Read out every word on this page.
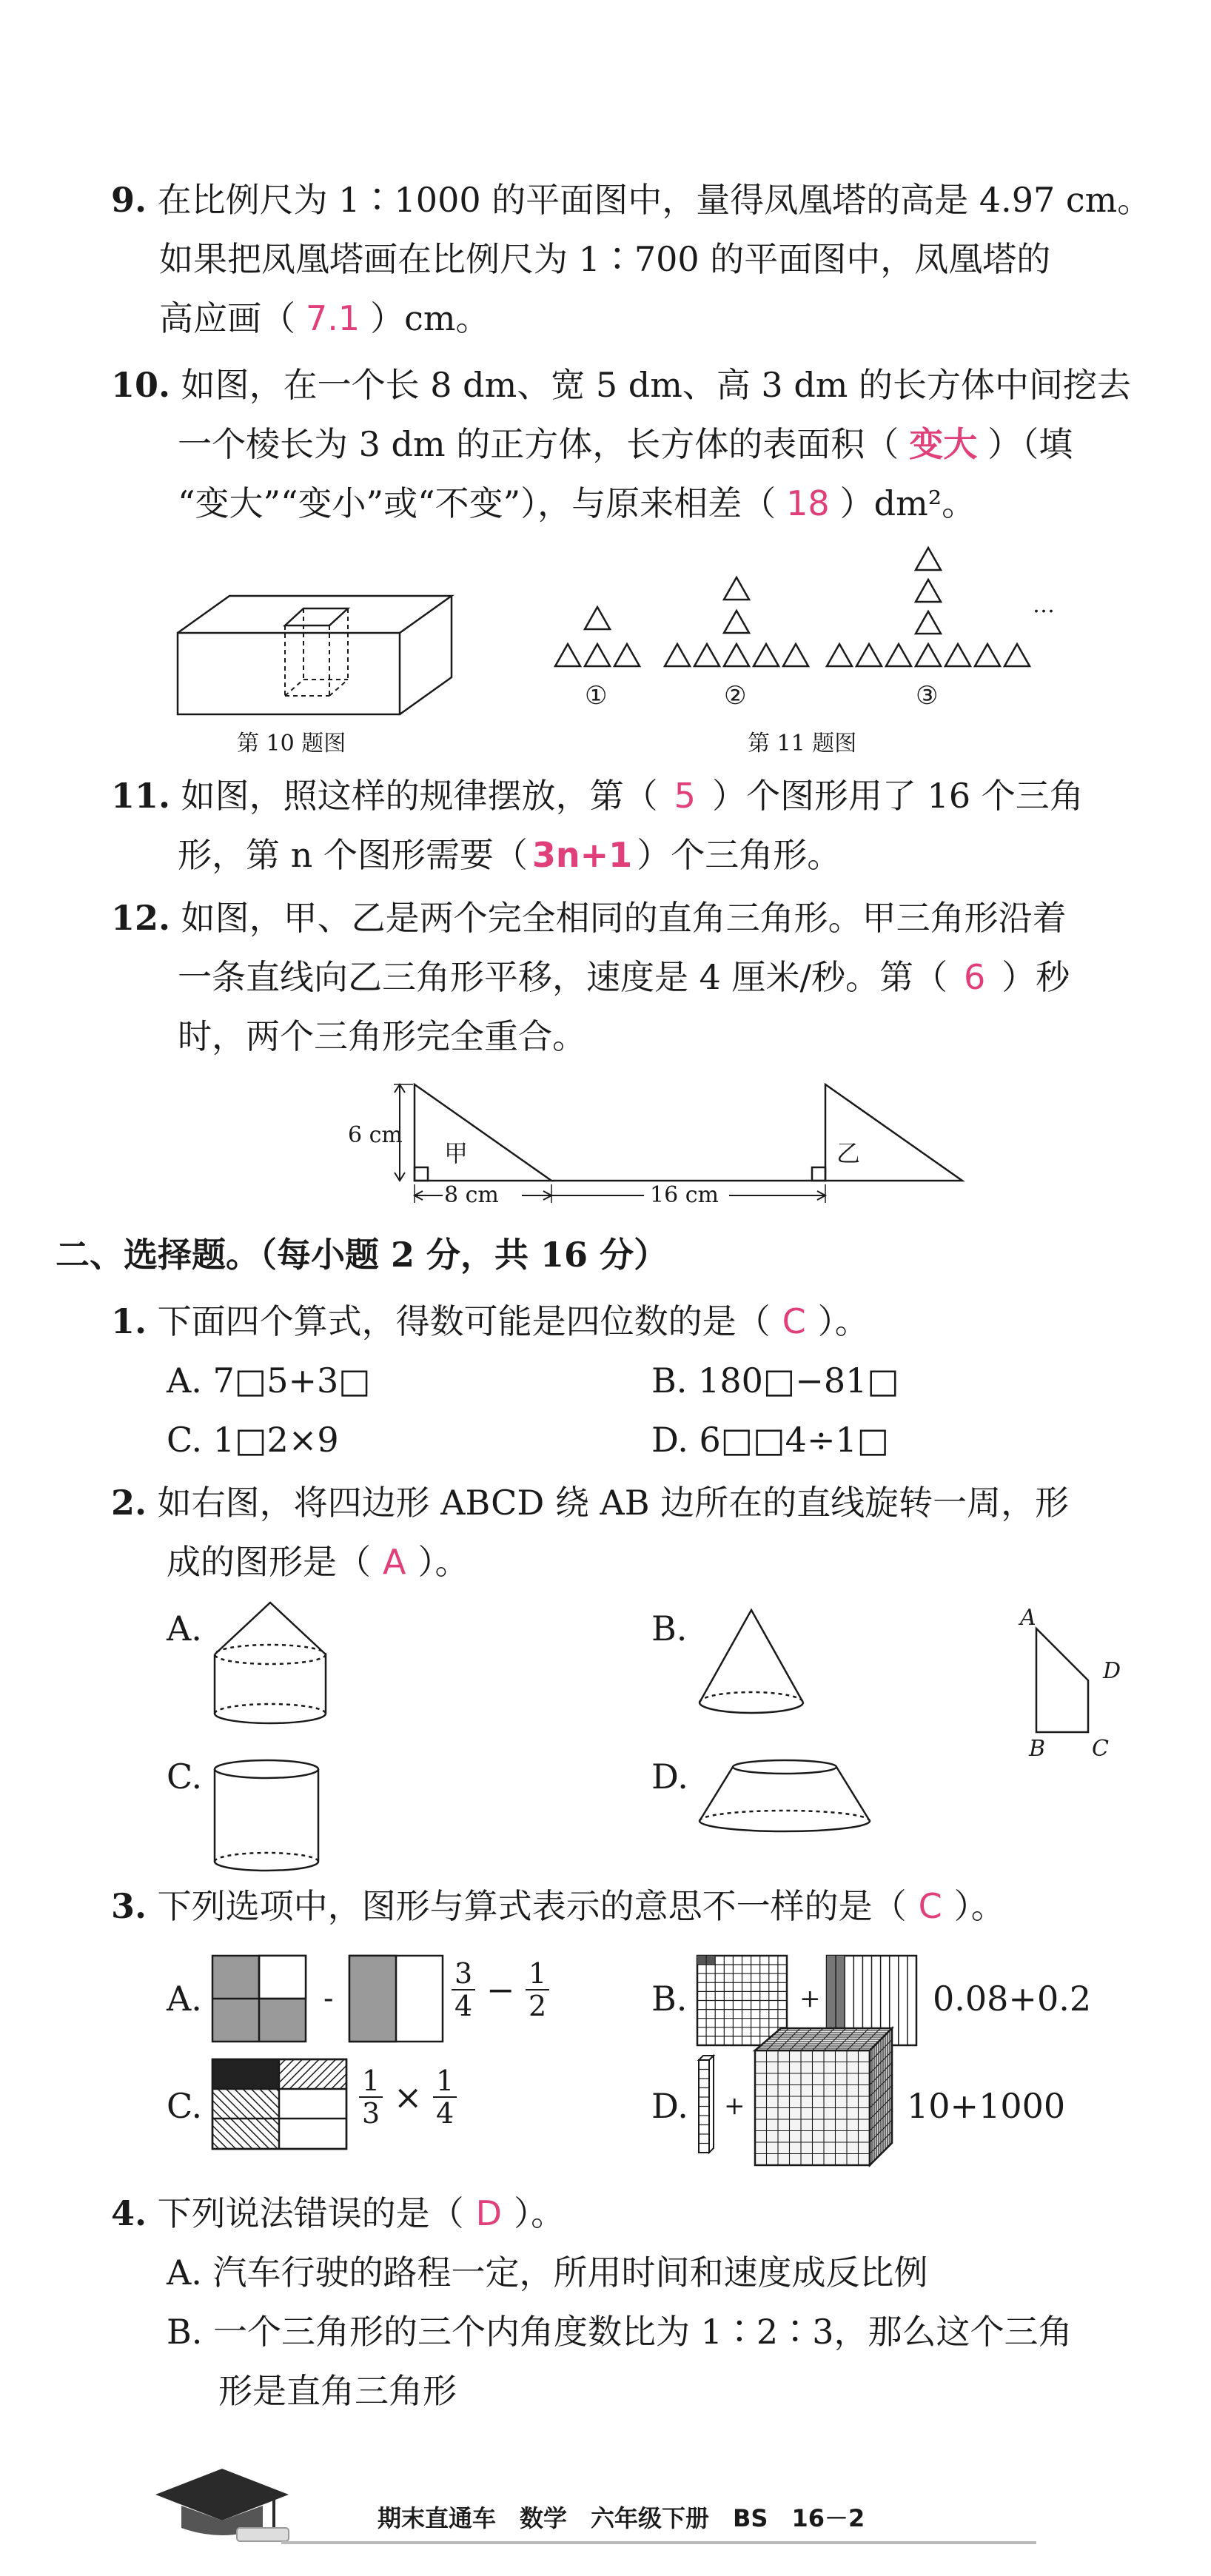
9. 在比例尺为 1∶1000 的平面图中，量得凤凰塔的高是 4.97 cm。
如果把凤凰塔画在比例尺为 1∶700 的平面图中，凤凰塔的
高应画（ 7.1 ）cm。
10. 如图，在一个长 8 dm、宽 5 dm、高 3 dm 的长方体中间挖去
一个棱长为 3 dm 的正方体，长方体的表面积（ 变大 ）（填
“变大”“变小”或“不变”），与原来相差（ 18 ）dm²。
第 10 题图
①	②	③
…
第 11 题图
11. 如图，照这样的规律摆放，第（ 5 ）个图形用了 16 个三角
形，第 n 个图形需要（ 3n+1 ）个三角形。
12. 如图，甲、乙是两个完全相同的直角三角形。甲三角形沿着
一条直线向乙三角形平移，速度是 4 厘米/秒。第（ 6 ）秒
时，两个三角形完全重合。
6 cm
8 cm	16 cm
甲	乙
二、选择题。（每小题 2 分，共 16 分）
1. 下面四个算式，得数可能是四位数的是（ C ）。
A. 7□5+3□	B. 180□−81□
C. 1□2×9	D. 6□□4÷1□
2. 如右图，将四边形 ABCD 绕 AB 边所在的直线旋转一周，形
成的图形是（ A ）。
A.	B.	A
B C
D
C.	D.
3. 下列选项中，图形与算式表示的意思不一样的是（ C ）。
A.	-	$\frac{3}{4} - \frac{1}{2}$	B.	+	0.08+0.2
C.	$\frac{1}{3} \times \frac{1}{4}$	D. +	10+1000
4. 下列说法错误的是（ D ）。
A. 汽车行驶的路程一定，所用时间和速度成反比例
B. 一个三角形的三个内角度数比为 1∶2∶3，那么这个三角
形是直角三角形
期末直通车　数学　六年级下册　BS　16－2
